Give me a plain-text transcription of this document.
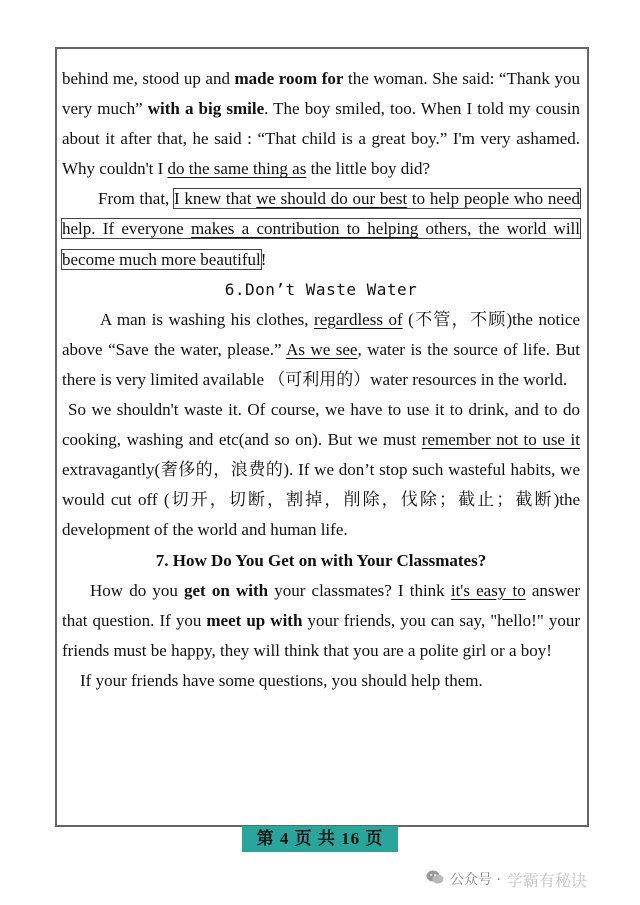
behind me, stood up and made room for the woman. She said: “Thank you very much” with a big smile. The boy smiled, too. When I told my cousin about it after that, he said : “That child is a great boy.” I'm very ashamed. Why couldn't I do the same thing as the little boy did?

From that, I knew that we should do our best to help people who need help. If everyone makes a contribution to helping others, the world will become much more beautiful!

6.Don’t Waste Water

A man is washing his clothes, regardless of (不管，不顾)the notice above “Save the water, please.” As we see, water is the source of life. But there is very limited available （可利用的）water resources in the world.

So we shouldn't waste it. Of course, we have to use it to drink, and to do cooking, washing and etc(and so on). But we must remember not to use it extravagantly(奢侈的，浪费的). If we don’t stop such wasteful habits, we would cut off (切开，切断，割掉，削除，伐除；截止；截断)the development of the world and human life.

7. How Do You Get on with Your Classmates?

How do you get on with your classmates? I think it's easy to answer that question. If you meet up with your friends, you can say, "hello!" your friends must be happy, they will think that you are a polite girl or a boy!

If your friends have some questions, you should help them.

第 4 页 共 16 页
公众号 · 学霸有秘诀
